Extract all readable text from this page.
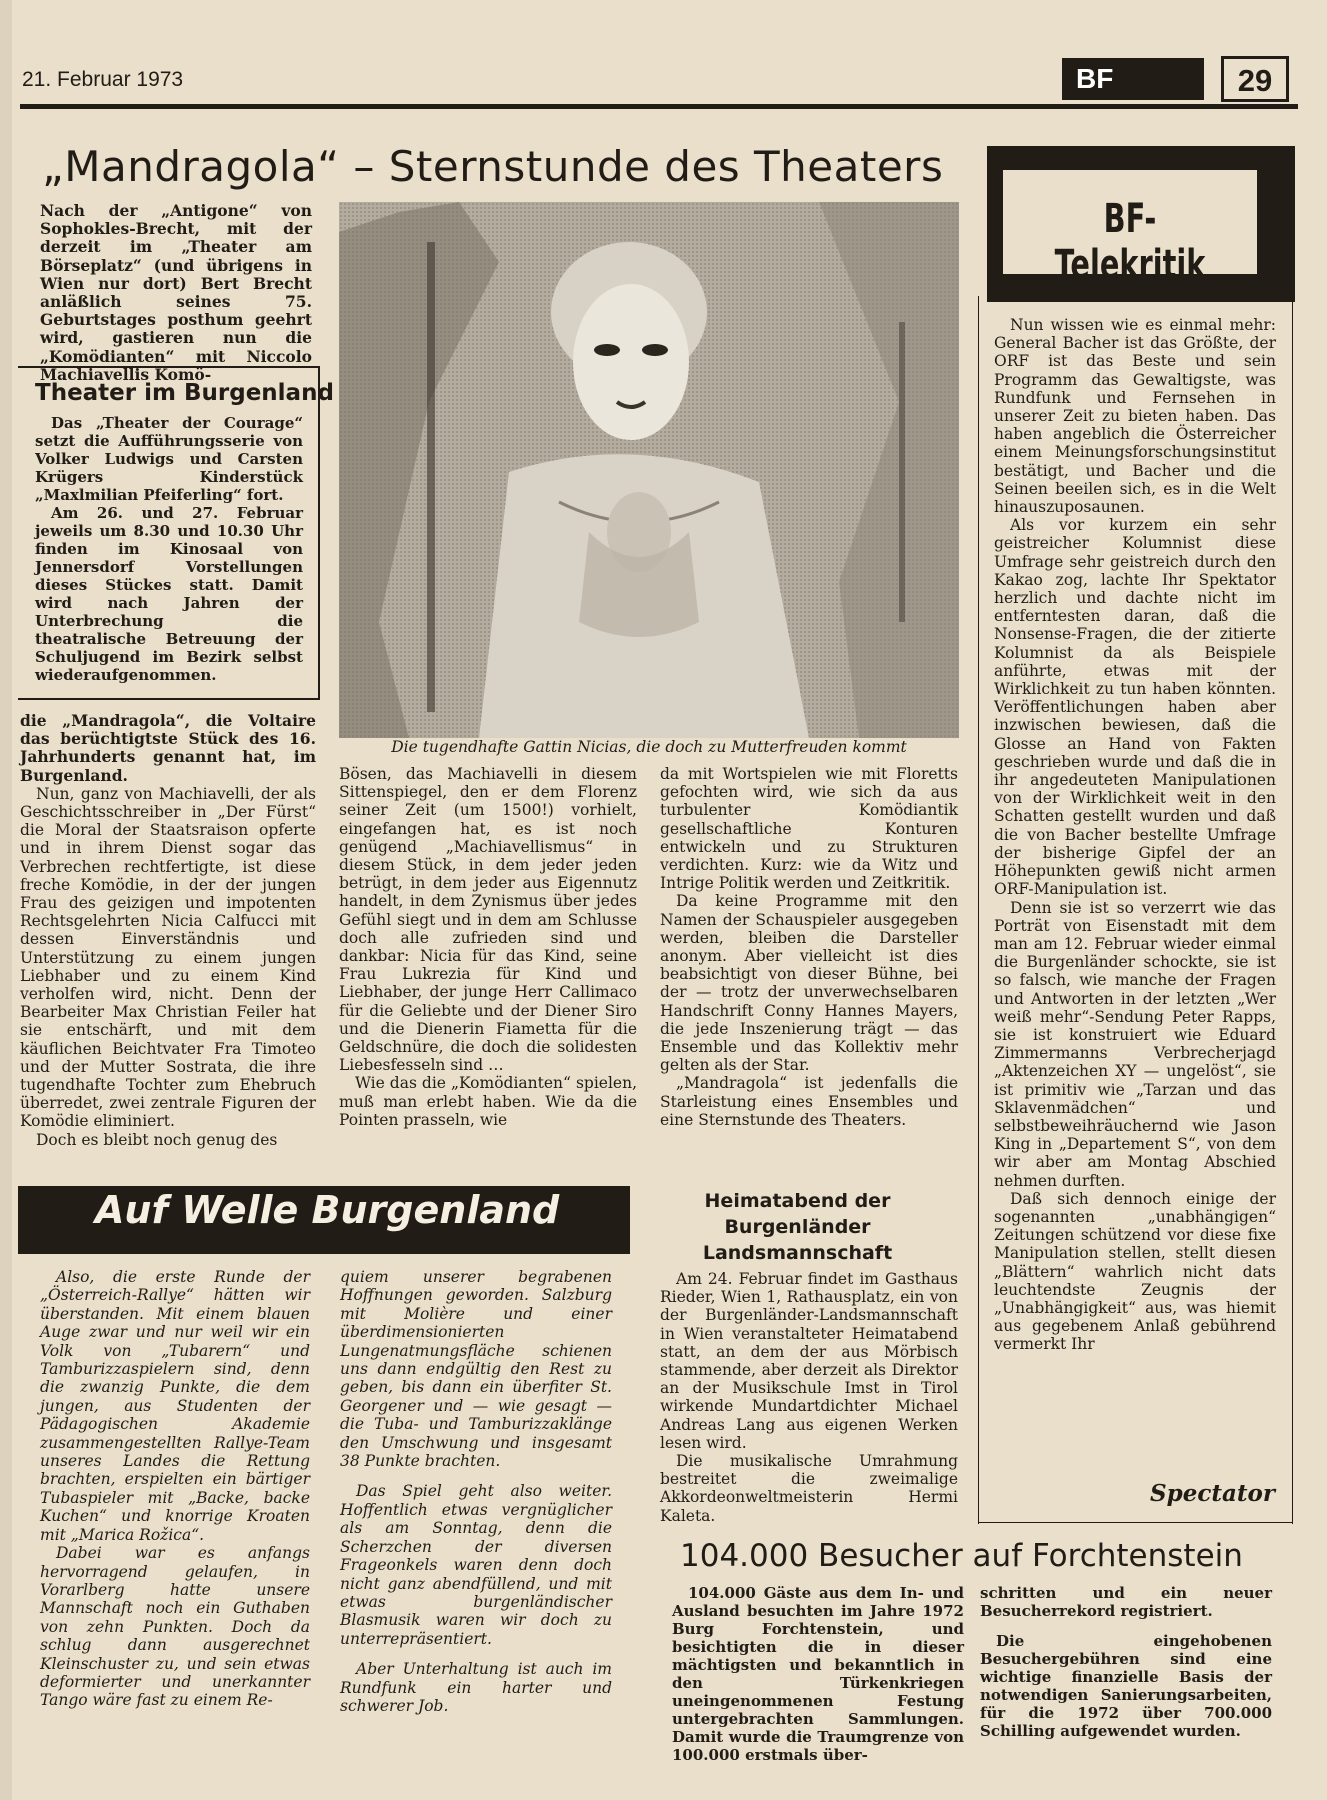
21. Februar 1973	BF	29
„Mandragola“ – Sternstunde des Theaters

Nach der „Antigone“ von Sophokles-Brecht, mit der derzeit im „Theater am Börseplatz“ (und übrigens in Wien nur dort) Bert Brecht anläßlich seines 75. Geburtstages posthum geehrt wird, gastieren nun die „Komödianten“ mit Niccolo Machiavellis Komö-

Theater im Burgenland

Das „Theater der Courage“ setzt die Aufführungsserie von Volker Ludwigs und Carsten Krügers Kinderstück „Maxlmilian Pfeiferling“ fort.

Am 26. und 27. Februar jeweils um 8.30 und 10.30 Uhr finden im Kinosaal von Jennersdorf Vorstellungen dieses Stückes statt. Damit wird nach Jahren der Unterbrechung die theatralische Betreuung der Schuljugend im Bezirk selbst wiederaufgenommen.

die „Mandragola“, die Voltaire das berüchtigtste Stück des 16. Jahrhunderts genannt hat, im Burgenland.

Nun, ganz von Machiavelli, der als Geschichtsschreiber in „Der Fürst“ die Moral der Staatsraison opferte und in ihrem Dienst sogar das Verbrechen rechtfertigte, ist diese freche Komödie, in der der jungen Frau des geizigen und impotenten Rechtsgelehrten Nicia Calfucci mit dessen Einverständnis und Unterstützung zu einem jungen Liebhaber und zu einem Kind verholfen wird, nicht. Denn der Bearbeiter Max Christian Feiler hat sie entschärft, und mit dem käuflichen Beichtvater Fra Timoteo und der Mutter Sostrata, die ihre tugendhafte Tochter zum Ehebruch überredet, zwei zentrale Figuren der Komödie eliminiert.

Doch es bleibt noch genug des

Die tugendhafte Gattin Nicias, die doch zu Mutterfreuden kommt

Bösen, das Machiavelli in diesem Sittenspiegel, den er dem Florenz seiner Zeit (um 1500!) vorhielt, eingefangen hat, es ist noch genügend „Machiavellismus“ in diesem Stück, in dem jeder jeden betrügt, in dem jeder aus Eigennutz handelt, in dem Zynismus über jedes Gefühl siegt und in dem am Schlusse doch alle zufrieden sind und dankbar: Nicia für das Kind, seine Frau Lukrezia für Kind und Liebhaber, der junge Herr Callimaco für die Geliebte und der Diener Siro und die Dienerin Fiametta für die Geldschnüre, die doch die solidesten Liebesfesseln sind …

Wie das die „Komödianten“ spielen, muß man erlebt haben. Wie da die Pointen prasseln, wie

da mit Wortspielen wie mit Floretts gefochten wird, wie sich da aus turbulenter Komödiantik gesellschaftliche Konturen entwickeln und zu Strukturen verdichten. Kurz: wie da Witz und Intrige Politik werden und Zeitkritik.

Da keine Programme mit den Namen der Schauspieler ausgegeben werden, bleiben die Darsteller anonym. Aber vielleicht ist dies beabsichtigt von dieser Bühne, bei der — trotz der unverwechselbaren Handschrift Conny Hannes Mayers, die jede Inszenierung trägt — das Ensemble und das Kollektiv mehr gelten als der Star.

„Mandragola“ ist jedenfalls die Starleistung eines Ensembles und eine Sternstunde des Theaters.

BF-Telekritik

Nun wissen wie es einmal mehr: General Bacher ist das Größte, der ORF ist das Beste und sein Programm das Gewaltigste, was Rundfunk und Fernsehen in unserer Zeit zu bieten haben. Das haben angeblich die Österreicher einem Meinungsforschungsinstitut bestätigt, und Bacher und die Seinen beeilen sich, es in die Welt hinauszuposaunen.

Als vor kurzem ein sehr geistreicher Kolumnist diese Umfrage sehr geistreich durch den Kakao zog, lachte Ihr Spektator herzlich und dachte nicht im entferntesten daran, daß die Nonsense-Fragen, die der zitierte Kolumnist da als Beispiele anführte, etwas mit der Wirklichkeit zu tun haben könnten. Veröffentlichungen haben aber inzwischen bewiesen, daß die Glosse an Hand von Fakten geschrieben wurde und daß die in ihr angedeuteten Manipulationen von der Wirklichkeit weit in den Schatten gestellt wurden und daß die von Bacher bestellte Umfrage der bisherige Gipfel der an Höhepunkten gewiß nicht armen ORF-Manipulation ist.

Denn sie ist so verzerrt wie das Porträt von Eisenstadt mit dem man am 12. Februar wieder einmal die Burgenländer schockte, sie ist so falsch, wie manche der Fragen und Antworten in der letzten „Wer weiß mehr“-Sendung Peter Rapps, sie ist konstruiert wie Eduard Zimmermanns Verbrecherjagd „Aktenzeichen XY — ungelöst“, sie ist primitiv wie „Tarzan und das Sklavenmädchen“ und selbstbeweihräuchernd wie Jason King in „Departement S“, von dem wir aber am Montag Abschied nehmen durften.

Daß sich dennoch einige der sogenannten „unabhängigen“ Zeitungen schützend vor diese fixe Manipulation stellen, stellt diesen „Blättern“ wahrlich nicht dats leuchtendste Zeugnis der „Unabhängigkeit“ aus, was hiemit aus gegebenem Anlaß gebührend vermerkt Ihr

Spectator
Auf Welle Burgenland

Also, die erste Runde der „Österreich-Rallye“ hätten wir überstanden. Mit einem blauen Auge zwar und nur weil wir ein Volk von „Tubarern“ und Tamburizzaspielern sind, denn die zwanzig Punkte, die dem jungen, aus Studenten der Pädagogischen Akademie zusammengestellten Rallye-Team unseres Landes die Rettung brachten, erspielten ein bärtiger Tubaspieler mit „Backe, backe Kuchen“ und knorrige Kroaten mit „Marica Rožica“.

Dabei war es anfangs hervorragend gelaufen, in Vorarlberg hatte unsere Mannschaft noch ein Guthaben von zehn Punkten. Doch da schlug dann ausgerechnet Kleinschuster zu, und sein etwas deformierter und unerkannter Tango wäre fast zu einem Re-

quiem unserer begrabenen Hoffnungen geworden. Salzburg mit Molière und einer überdimensionierten Lungenatmungsfläche schienen uns dann endgültig den Rest zu geben, bis dann ein überfiter St. Georgener und — wie gesagt — die Tuba- und Tamburizzaklänge den Umschwung und insgesamt 38 Punkte brachten.

Das Spiel geht also weiter. Hoffentlich etwas vergnüglicher als am Sonntag, denn die Scherzchen der diversen Frageonkels waren denn doch nicht ganz abendfüllend, und mit etwas burgenländischer Blasmusik waren wir doch zu unterrepräsentiert.

Aber Unterhaltung ist auch im Rundfunk ein harter und schwerer Job.

Heimatabend der Burgenländer Landsmannschaft

Am 24. Februar findet im Gasthaus Rieder, Wien 1, Rathausplatz, ein von der Burgenländer-Landsmannschaft in Wien veranstalteter Heimatabend statt, an dem der aus Mörbisch stammende, aber derzeit als Direktor an der Musikschule Imst in Tirol wirkende Mundartdichter Michael Andreas Lang aus eigenen Werken lesen wird.

Die musikalische Umrahmung bestreitet die zweimalige Akkordeonweltmeisterin Hermi Kaleta.

104.000 Besucher auf Forchtenstein

104.000 Gäste aus dem In- und Ausland besuchten im Jahre 1972 Burg Forchtenstein, und besichtigten die in dieser mächtigsten und bekanntlich in den Türkenkriegen uneingenommenen Festung untergebrachten Sammlungen. Damit wurde die Traumgrenze von 100.000 erstmals über-

schritten und ein neuer Besucherrekord registriert.

Die eingehobenen Besuchergebühren sind eine wichtige finanzielle Basis der notwendigen Sanierungsarbeiten, für die 1972 über 700.000 Schilling aufgewendet wurden.
